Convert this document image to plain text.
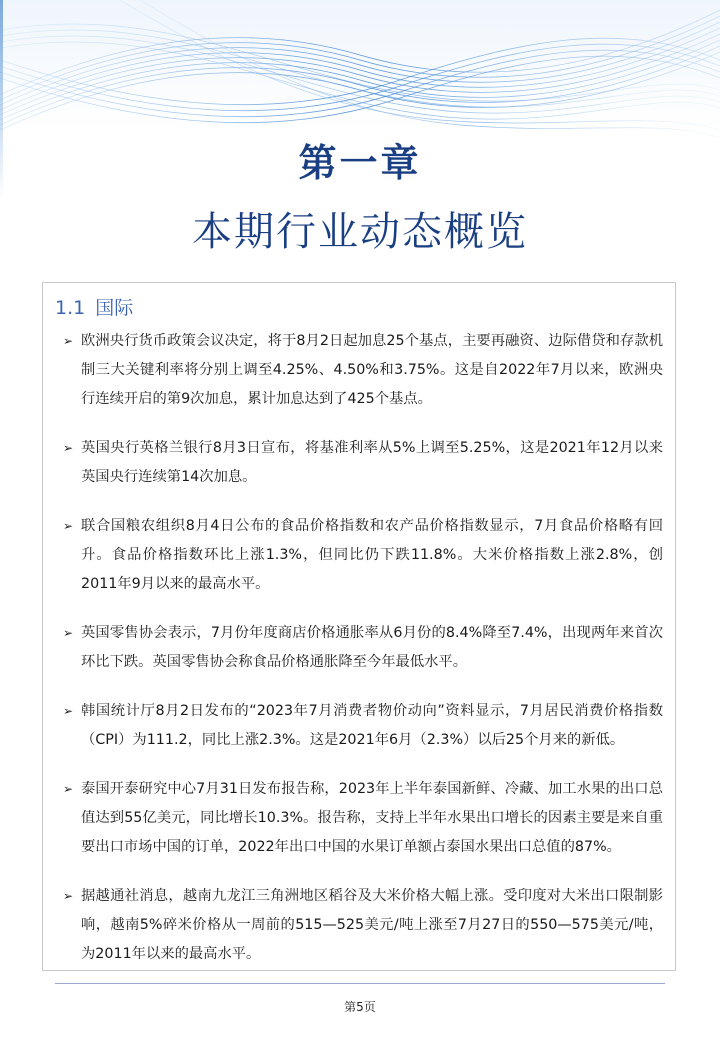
第一章
本期行业动态概览
1.1 国际
➢ 欧洲央行货币政策会议决定，将于8月2日起加息25个基点，主要再融资、边际借贷和存款机制三大关键利率将分别上调至4.25%、4.50%和3.75%。这是自2022年7月以来，欧洲央行连续开启的第9次加息，累计加息达到了425个基点。
➢ 英国央行英格兰银行8月3日宣布，将基准利率从5%上调至5.25%，这是2021年12月以来英国央行连续第14次加息。
➢ 联合国粮农组织8月4日公布的食品价格指数和农产品价格指数显示，7月食品价格略有回升。食品价格指数环比上涨1.3%，但同比仍下跌11.8%。大米价格指数上涨2.8%，创2011年9月以来的最高水平。
➢ 英国零售协会表示，7月份年度商店价格通胀率从6月份的8.4%降至7.4%，出现两年来首次环比下跌。英国零售协会称食品价格通胀降至今年最低水平。
➢ 韩国统计厅8月2日发布的“2023年7月消费者物价动向”资料显示，7月居民消费价格指数（CPI）为111.2，同比上涨2.3%。这是2021年6月（2.3%）以后25个月来的新低。
➢ 泰国开泰研究中心7月31日发布报告称，2023年上半年泰国新鲜、冷藏、加工水果的出口总值达到55亿美元，同比增长10.3%。报告称，支持上半年水果出口增长的因素主要是来自重要出口市场中国的订单，2022年出口中国的水果订单额占泰国水果出口总值的87%。
➢ 据越通社消息，越南九龙江三角洲地区稻谷及大米价格大幅上涨。受印度对大米出口限制影响，越南5%碎米价格从一周前的515—525美元/吨上涨至7月27日的550—575美元/吨，为2011年以来的最高水平。
第5页
